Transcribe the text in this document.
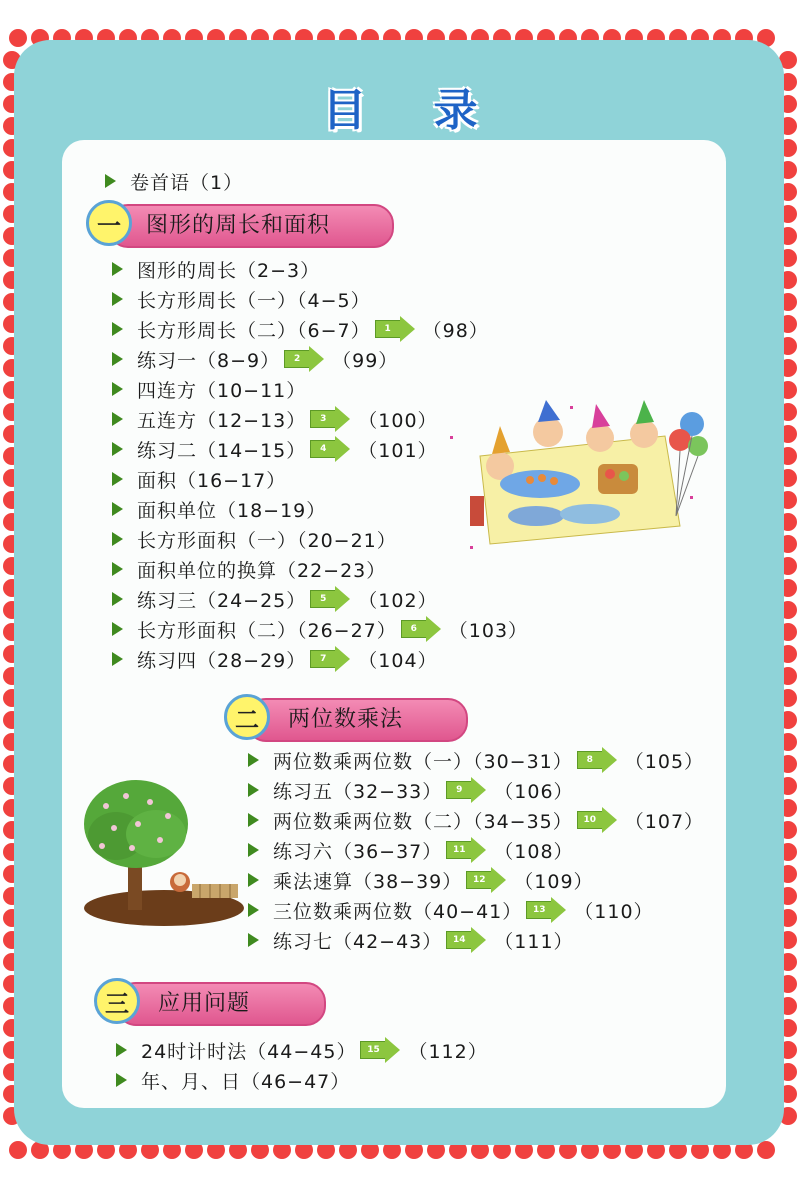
目 录
卷首语（1）
图形的周长和面积
一
图形的周长（2−3）
长方形周长（一）（4−5）
长方形周长（二）（6−7）	1	（98）
练习一（8−9）	2	（99）
四连方（10−11）
五连方（12−13）	3	（100）
练习二（14−15）	4	（101）
面积（16−17）
面积单位（18−19）
长方形面积（一）（20−21）
面积单位的换算（22−23）
练习三（24−25）	5	（102）
长方形面积（二）（26−27）	6	（103）
练习四（28−29）	7	（104）
两位数乘法
二
两位数乘两位数（一）（30−31）	8	（105）
练习五（32−33）	9	（106）
两位数乘两位数（二）（34−35）	10	（107）
练习六（36−37）	11	（108）
乘法速算（38−39）	12	（109）
三位数乘两位数（40−41）	13	（110）
练习七（42−43）	14	（111）
应用问题
三
24时计时法（44−45）	15	（112）
年、月、日（46−47）
